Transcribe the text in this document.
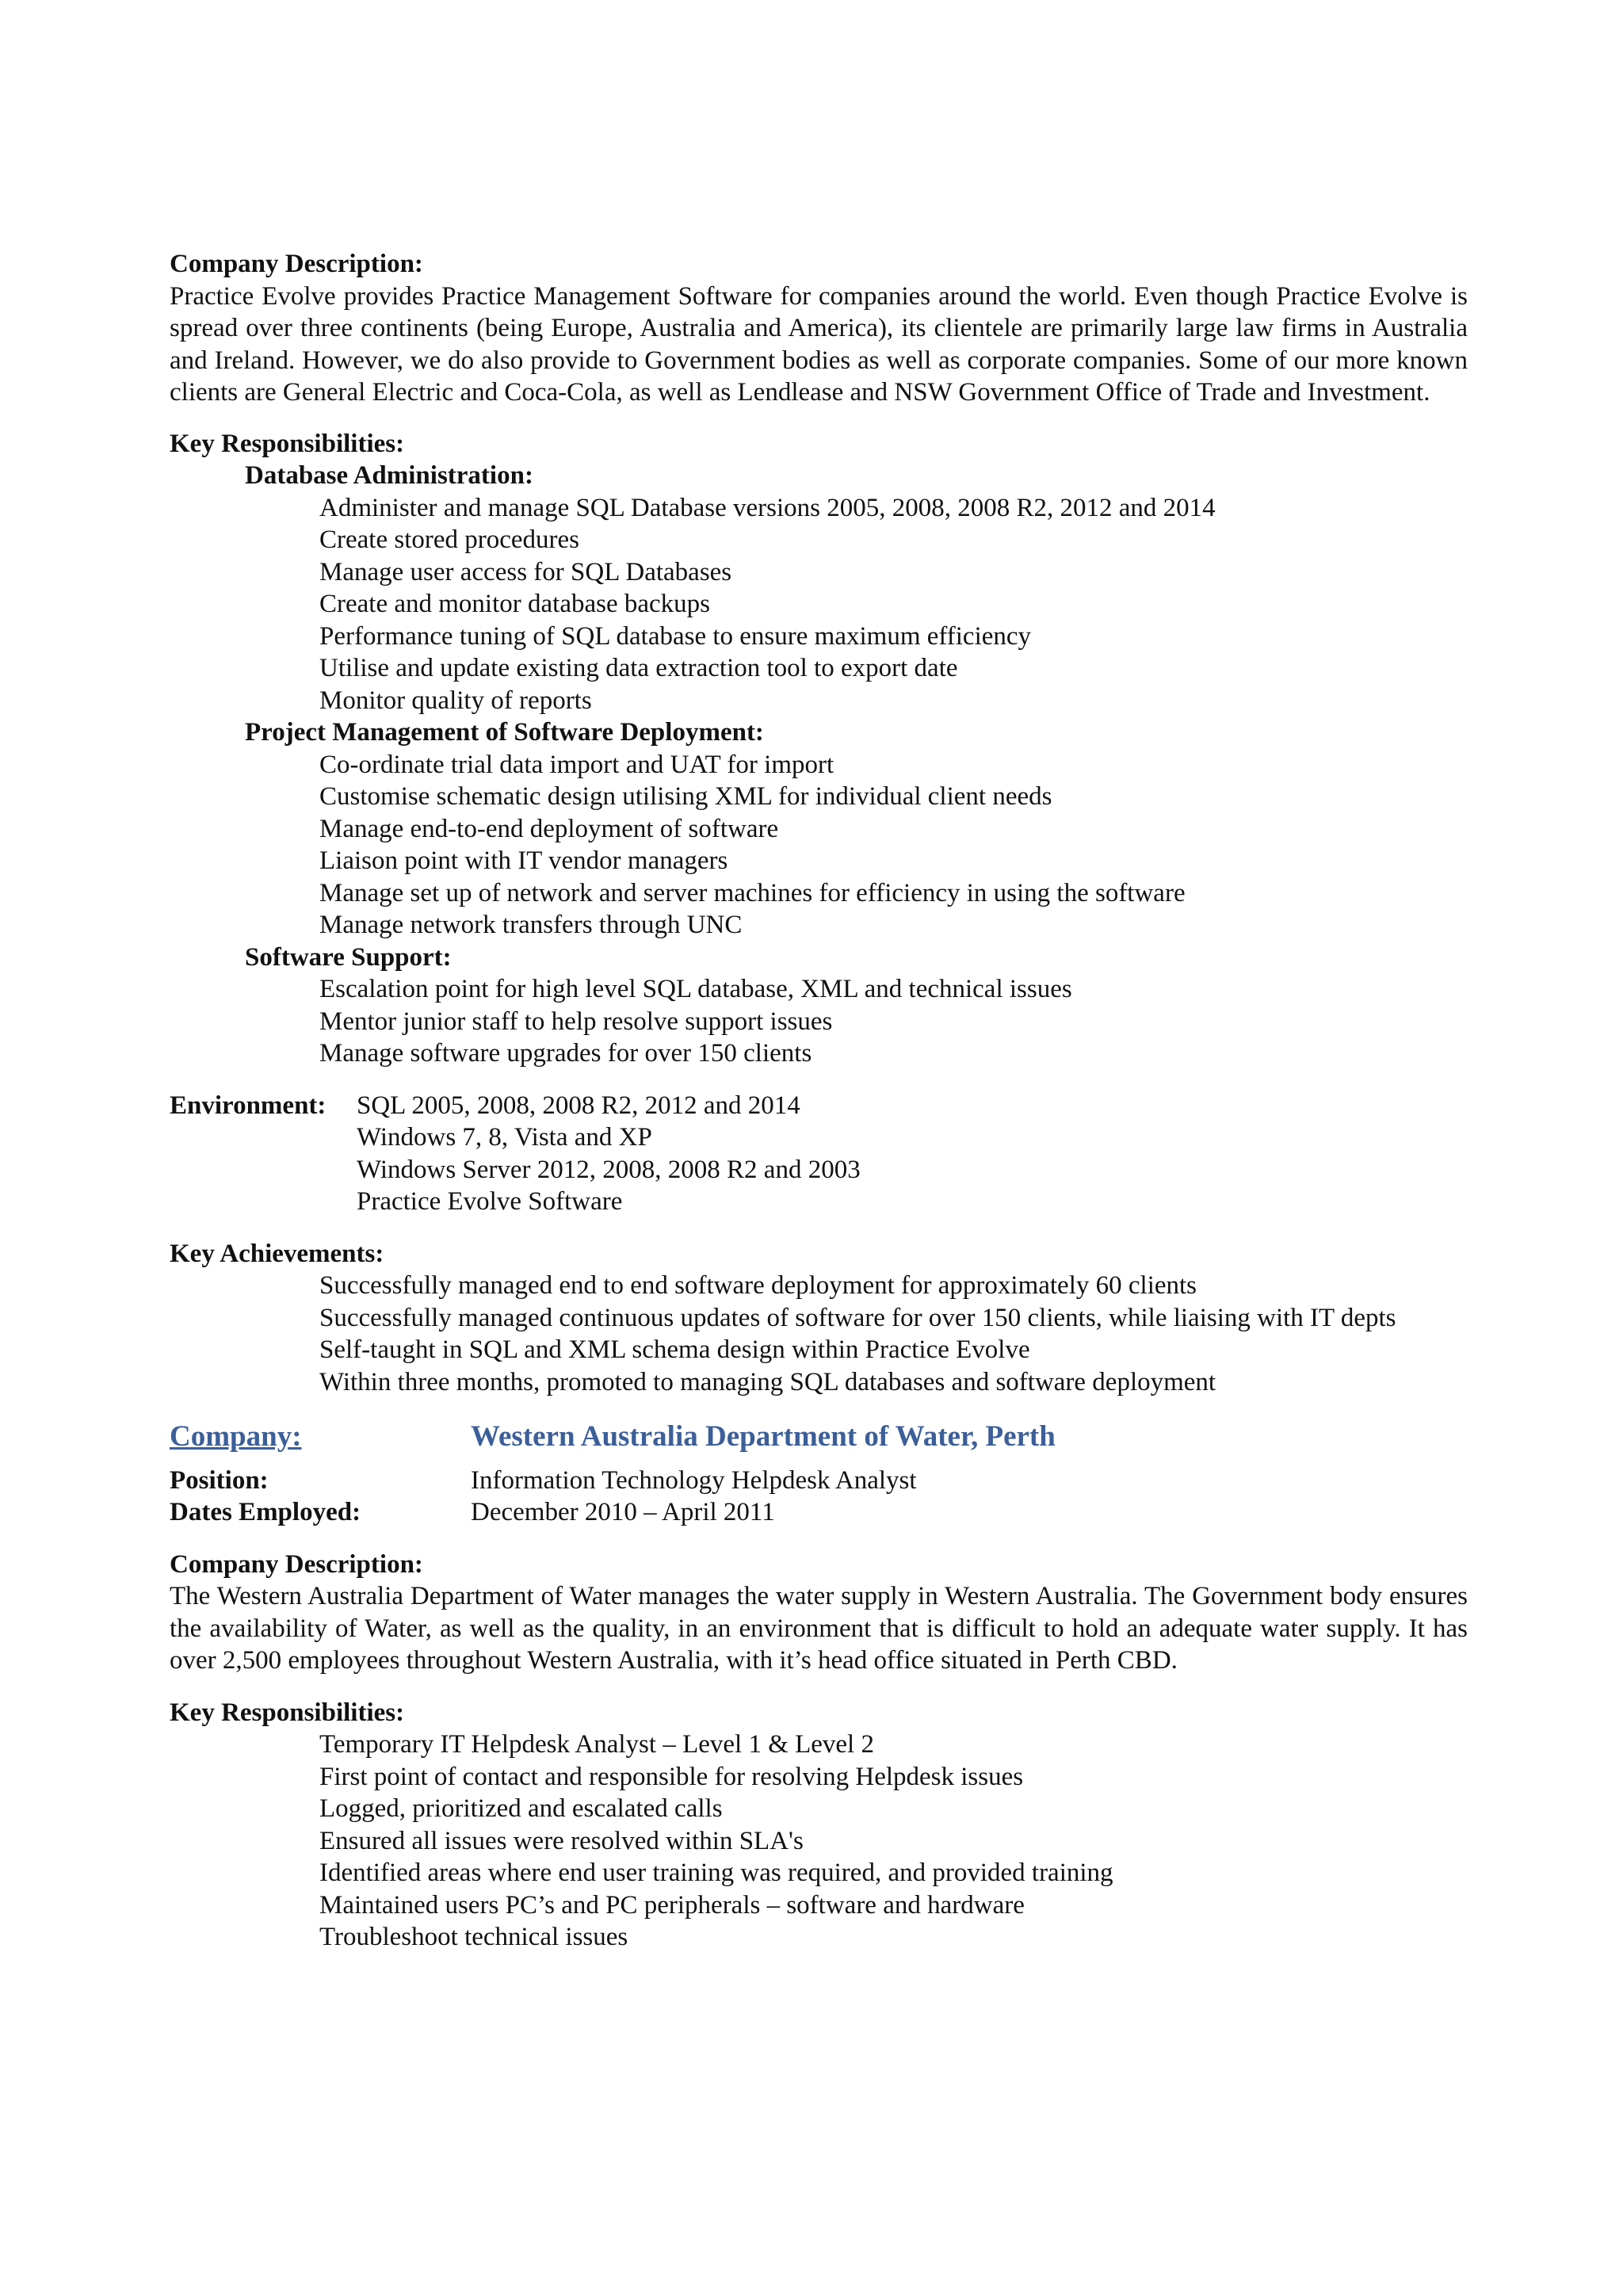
Company Description:

Practice Evolve provides Practice Management Software for companies around the world. Even though Practice Evolve is spread over three continents (being Europe, Australia and America), its clientele are primarily large law firms in Australia and Ireland. However, we do also provide to Government bodies as well as corporate companies. Some of our more known clients are General Electric and Coca-Cola, as well as Lendlease and NSW Government Office of Trade and Investment.

Key Responsibilities:

Database Administration:

Administer and manage SQL Database versions 2005, 2008, 2008 R2, 2012 and 2014
Create stored procedures
Manage user access for SQL Databases
Create and monitor database backups
Performance tuning of SQL database to ensure maximum efficiency
Utilise and update existing data extraction tool to export date
Monitor quality of reports

Project Management of Software Deployment:

Co-ordinate trial data import and UAT for import
Customise schematic design utilising XML for individual client needs
Manage end-to-end deployment of software
Liaison point with IT vendor managers
Manage set up of network and server machines for efficiency in using the software
Manage network transfers through UNC

Software Support:

Escalation point for high level SQL database, XML and technical issues
Mentor junior staff to help resolve support issues
Manage software upgrades for over 150 clients
Environment:	SQL 2005, 2008, 2008 R2, 2012 and 2014
Windows 7, 8, Vista and XP
Windows Server 2012, 2008, 2008 R2 and 2003
Practice Evolve Software

Key Achievements:

Successfully managed end to end software deployment for approximately 60 clients
Successfully managed continuous updates of software for over 150 clients, while liaising with IT depts
Self-taught in SQL and XML schema design within Practice Evolve
Within three months, promoted to managing SQL databases and software deployment
Company:	Western Australia Department of Water, Perth
Position:	Information Technology Helpdesk Analyst
Dates Employed:	December 2010 – April 2011

Company Description:

The Western Australia Department of Water manages the water supply in Western Australia. The Government body ensures the availability of Water, as well as the quality, in an environment that is difficult to hold an adequate water supply. It has over 2,500 employees throughout Western Australia, with it’s head office situated in Perth CBD.

Key Responsibilities:

Temporary IT Helpdesk Analyst – Level 1 & Level 2
First point of contact and responsible for resolving Helpdesk issues
Logged, prioritized and escalated calls
Ensured all issues were resolved within SLA's
Identified areas where end user training was required, and provided training
Maintained users PC’s and PC peripherals – software and hardware
Troubleshoot technical issues
